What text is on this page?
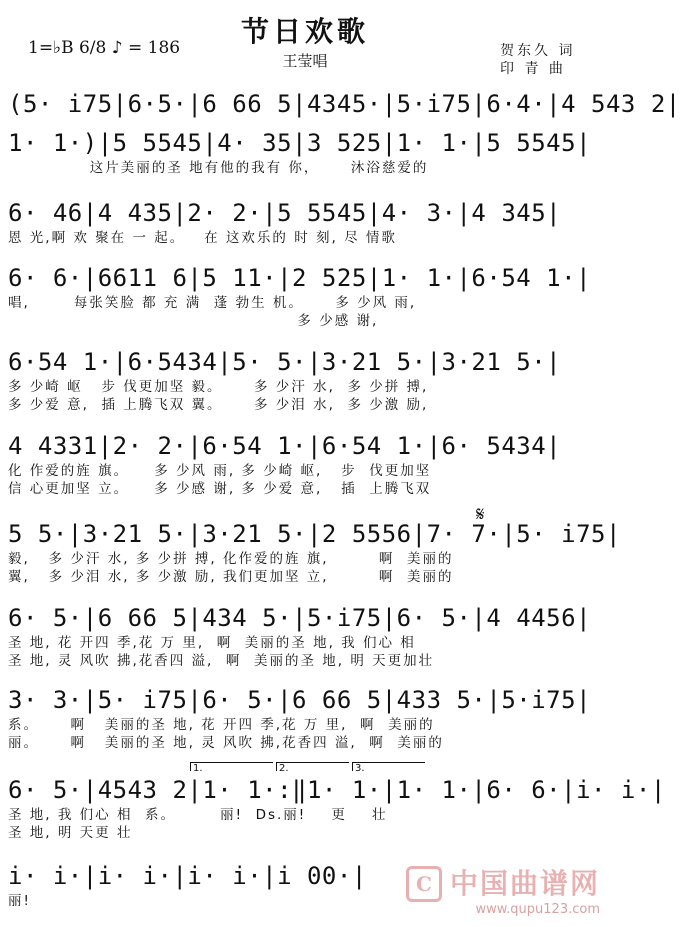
节日欢歌
王莹唱
1=♭B 6/8 ♪ = 186	贺东久 词
印 青 曲
(5· i75|6·5·|6 66 5|4345·|5·i75|6·4·|4 543 2|
1· 1·)|5 5545|4· 35|3 525|1· 1·|5 5545|
这片美丽的圣 地有他的我有 你，     沐浴慈爱的
6· 46|4 435|2· 2·|5 5545|4· 3·|4 345|
恩 光,啊 欢 聚在 一 起。   在 这欢乐的 时 刻, 尽 情歌
6· 6·|6611 6|5 11·|2 525|1· 1·|6·54 1·|
唱,       每张笑脸 都 充 满  蓬 勃生 机。     多 少风 雨,
多 少感 谢,
6·54 1·|6·5434|5· 5·|3·21 5·|3·21 5·|
多 少崎 岖   步 伐更加坚 毅。     多 少汗 水,  多 少拼 搏,
多 少爱 意,  插 上腾飞双 翼。     多 少泪 水,  多 少激 励,
4 4331|2· 2·|6·54 1·|6·54 1·|6· 5434|
化 作爱的旌 旗。    多 少风 雨, 多 少崎 岖,   步  伐更加坚
信 心更加坚 立。    多 少感 谢, 多 少爱 意,   插  上腾飞双
𝄋
5 5·|3·21 5·|3·21 5·|2 5556|7· 7·|5· i75|
毅,   多 少汗 水, 多 少拼 搏, 化作爱的旌 旗,        啊  美丽的
翼,   多 少泪 水, 多 少激 励, 我们更加坚 立,        啊  美丽的
6· 5·|6 66 5|434 5·|5·i75|6· 5·|4 4456|
圣 地, 花 开四 季,花 万 里,  啊  美丽的圣 地, 我 们心 相
圣 地, 灵 风吹 拂,花香四 溢,  啊  美丽的圣 地, 明 天更加壮
3· 3·|5· i75|6· 5·|6 66 5|433 5·|5·i75|
系。     啊   美丽的圣 地, 花 开四 季,花 万 里,  啊  美丽的
丽。     啊   美丽的圣 地, 灵 风吹 拂,花香四 溢,  啊  美丽的
1.	2.	3.
6· 5·|4543 2|1· 1·:‖1· 1·|1· 1·|6· 6·|i· i·|
圣 地, 我 们心 相  系。       丽!  Ds.丽!    更    壮
圣 地, 明 天更 壮
i· i·|i· i·|i· i·|i 00·|
丽!
C 中国曲谱网
www.qupu123.com
